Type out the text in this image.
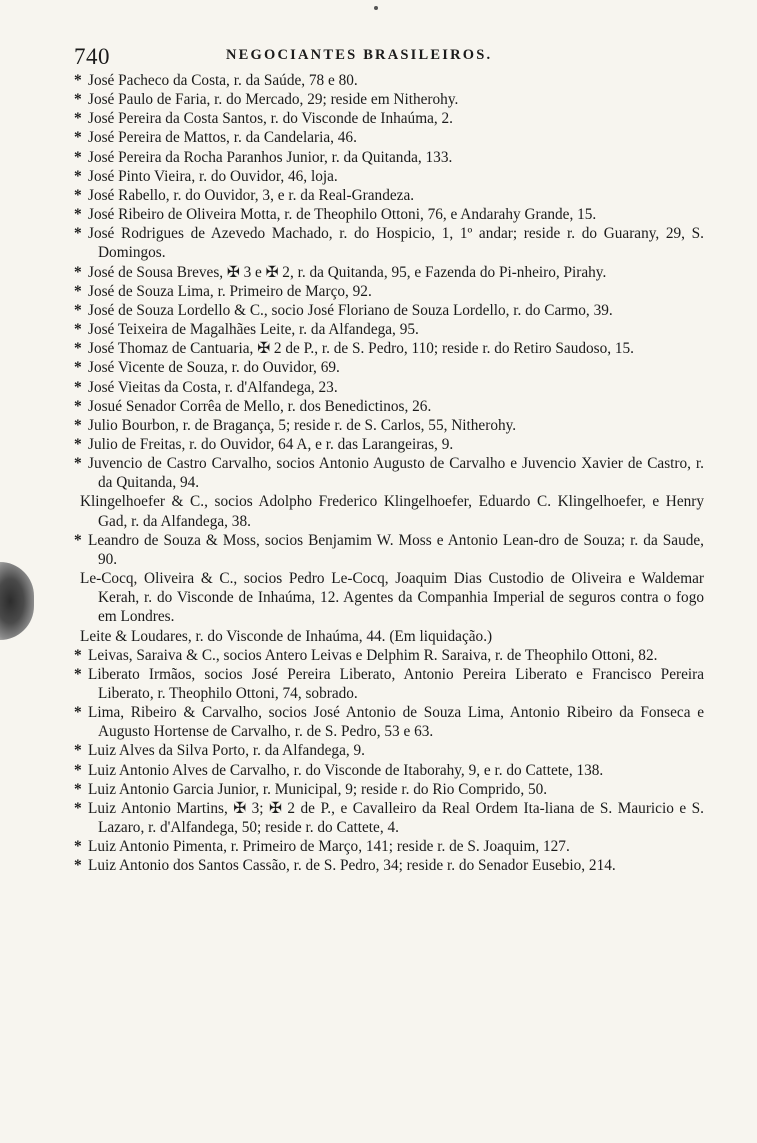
740	NEGOCIANTES BRASILEIROS.
* José Pacheco da Costa, r. da Saúde, 78 e 80.
* José Paulo de Faria, r. do Mercado, 29; reside em Nitherohy.
* José Pereira da Costa Santos, r. do Visconde de Inhaúma, 2.
* José Pereira de Mattos, r. da Candelaria, 46.
* José Pereira da Rocha Paranhos Junior, r. da Quitanda, 133.
* José Pinto Vieira, r. do Ouvidor, 46, loja.
* José Rabello, r. do Ouvidor, 3, e r. da Real-Grandeza.
* José Ribeiro de Oliveira Motta, r. de Theophilo Ottoni, 76, e Andarahy Grande, 15.
* José Rodrigues de Azevedo Machado, r. do Hospicio, 1, 1º andar; reside r. do Guarany, 29, S. Domingos.
* José de Sousa Breves, ✠ 3 e ✠ 2, r. da Quitanda, 95, e Fazenda do Pi-nheiro, Pirahy.
* José de Souza Lima, r. Primeiro de Março, 92.
* José de Souza Lordello & C., socio José Floriano de Souza Lordello, r. do Carmo, 39.
* José Teixeira de Magalhães Leite, r. da Alfandega, 95.
* José Thomaz de Cantuaria, ✠ 2 de P., r. de S. Pedro, 110; reside r. do Retiro Saudoso, 15.
* José Vicente de Souza, r. do Ouvidor, 69.
* José Vieitas da Costa, r. d'Alfandega, 23.
* Josué Senador Corrêa de Mello, r. dos Benedictinos, 26.
* Julio Bourbon, r. de Bragança, 5; reside r. de S. Carlos, 55, Nitherohy.
* Julio de Freitas, r. do Ouvidor, 64 A, e r. das Larangeiras, 9.
* Juvencio de Castro Carvalho, socios Antonio Augusto de Carvalho e Juvencio Xavier de Castro, r. da Quitanda, 94.
Klingelhoefer & C., socios Adolpho Frederico Klingelhoefer, Eduardo C. Klingelhoefer, e Henry Gad, r. da Alfandega, 38.
* Leandro de Souza & Moss, socios Benjamim W. Moss e Antonio Lean-dro de Souza; r. da Saude, 90.
Le-Cocq, Oliveira & C., socios Pedro Le-Cocq, Joaquim Dias Custodio de Oliveira e Waldemar Kerah, r. do Visconde de Inhaúma, 12. Agentes da Companhia Imperial de seguros contra o fogo em Londres.
Leite & Loudares, r. do Visconde de Inhaúma, 44. (Em liquidação.)
* Leivas, Saraiva & C., socios Antero Leivas e Delphim R. Saraiva, r. de Theophilo Ottoni, 82.
* Liberato Irmãos, socios José Pereira Liberato, Antonio Pereira Liberato e Francisco Pereira Liberato, r. Theophilo Ottoni, 74, sobrado.
* Lima, Ribeiro & Carvalho, socios José Antonio de Souza Lima, Antonio Ribeiro da Fonseca e Augusto Hortense de Carvalho, r. de S. Pedro, 53 e 63.
* Luiz Alves da Silva Porto, r. da Alfandega, 9.
* Luiz Antonio Alves de Carvalho, r. do Visconde de Itaborahy, 9, e r. do Cattete, 138.
* Luiz Antonio Garcia Junior, r. Municipal, 9; reside r. do Rio Comprido, 50.
* Luiz Antonio Martins, ✠ 3; ✠ 2 de P., e Cavalleiro da Real Ordem Ita-liana de S. Mauricio e S. Lazaro, r. d'Alfandega, 50; reside r. do Cattete, 4.
* Luiz Antonio Pimenta, r. Primeiro de Março, 141; reside r. de S. Joaquim, 127.
* Luiz Antonio dos Santos Cassão, r. de S. Pedro, 34; reside r. do Senador Eusebio, 214.
